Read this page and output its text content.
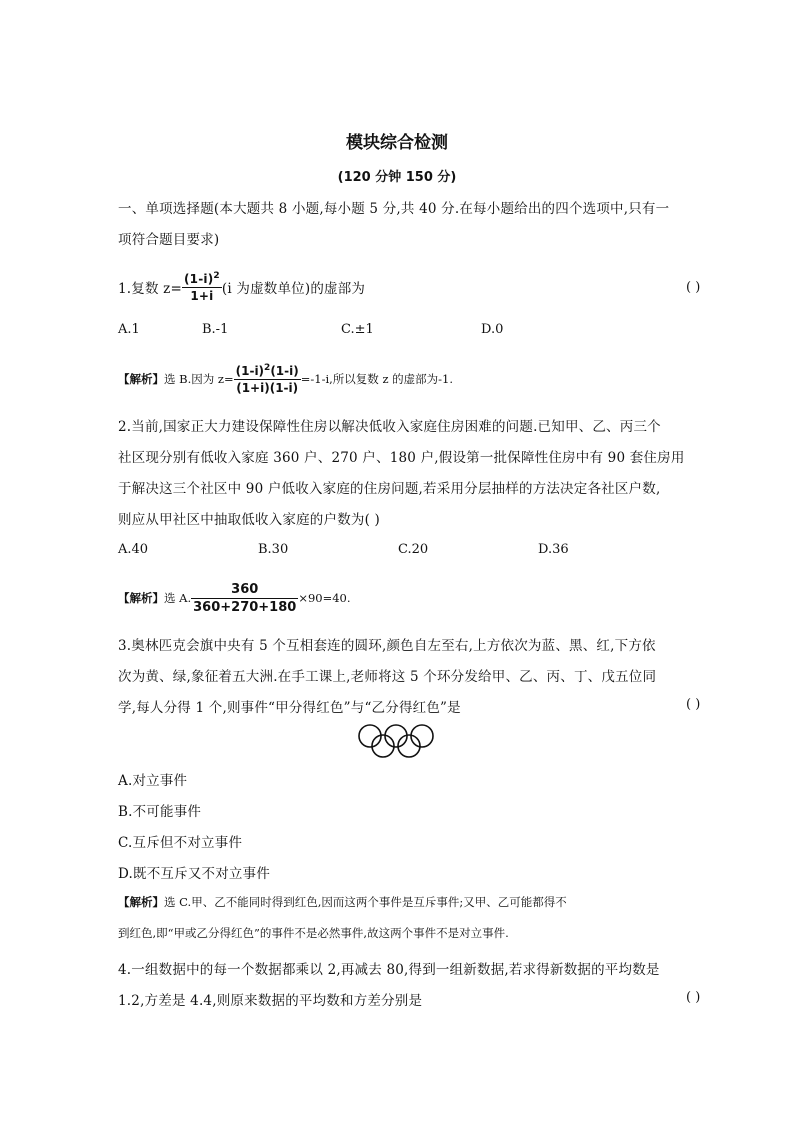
模块综合检测
(120 分钟 150 分)
一、单项选择题(本大题共 8 小题,每小题 5 分,共 40 分.在每小题给出的四个选项中,只有一
项符合题目要求)
1.复数 $z= \frac{(1-i)^2}{1+i} (i$ 为虚数单位)的虚部为	( )
A.1	B.-1	C.±1	D.0
【解析】 选 B.因为 $z= \frac{(1-i)^2(1-i)}{(1+i)(1-i)} =-1-i$,所以复数 z 的虚部为-1.
2.当前,国家正大力建设保障性住房以解决低收入家庭住房困难的问题.已知甲、乙、丙三个
社区现分别有低收入家庭 360 户、270 户、180 户,假设第一批保障性住房中有 90 套住房用
于解决这三个社区中 90 户低收入家庭的住房问题,若采用分层抽样的方法决定各社区户数,
则应从甲社区中抽取低收入家庭的户数为( )
A.40	B.30	C.20	D.36
【解析】 选 A. $\frac{360}{360+270+180} \times 90=40$.
3.奥林匹克会旗中央有 5 个互相套连的圆环,颜色自左至右,上方依次为蓝、黑、红,下方依
次为黄、绿,象征着五大洲.在手工课上,老师将这 5 个环分发给甲、乙、丙、丁、戊五位同
学,每人分得 1 个,则事件“甲分得红色”与“乙分得红色”是	( )
A.对立事件
B.不可能事件
C.互斥但不对立事件
D.既不互斥又不对立事件
【解析】选 C.甲、乙不能同时得到红色,因而这两个事件是互斥事件;又甲、乙可能都得不
到红色,即“甲或乙分得红色”的事件不是必然事件,故这两个事件不是对立事件.
4.一组数据中的每一个数据都乘以 2,再减去 80,得到一组新数据,若求得新数据的平均数是
1.2,方差是 4.4,则原来数据的平均数和方差分别是	( )
